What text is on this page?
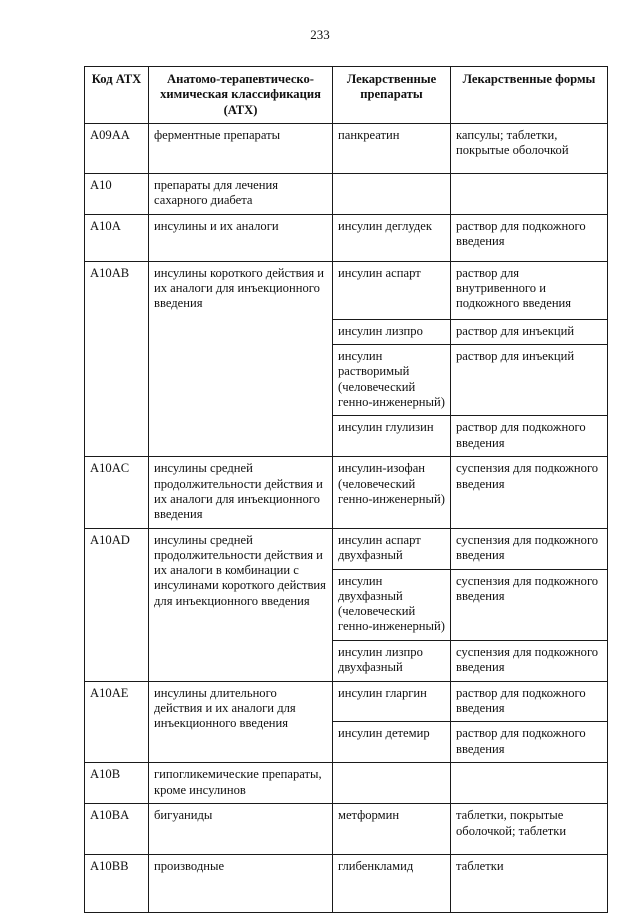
233
Код АТХ	Анатомо-терапевтическо-химическая классификация (АТХ)	Лекарственные препараты	Лекарственные формы
A09AA	ферментные препараты	панкреатин	капсулы; таблетки, покрытые оболочкой
A10	препараты для лечения сахарного диабета		
A10A	инсулины и их аналоги	инсулин деглудек	раствор для подкожного введения
A10AB	инсулины короткого действия и их аналоги для инъекционного введения	инсулин аспарт	раствор для внутривенного и подкожного введения
		инсулин лизпро	раствор для инъекций
		инсулин растворимый (человеческий генно-инженерный)	раствор для инъекций
		инсулин глулизин	раствор для подкожного введения
A10AC	инсулины средней продолжительности действия и их аналоги для инъекционного введения	инсулин-изофан (человеческий генно-инженерный)	суспензия для подкожного введения
A10AD	инсулины средней продолжительности действия и их аналоги в комбинации с инсулинами короткого действия для инъекционного введения	инсулин аспарт двухфазный	суспензия для подкожного введения
		инсулин двухфазный (человеческий генно-инженерный)	суспензия для подкожного введения
		инсулин лизпро двухфазный	суспензия для подкожного введения
A10AE	инсулины длительного действия и их аналоги для инъекционного введения	инсулин гларгин	раствор для подкожного введения
		инсулин детемир	раствор для подкожного введения
A10B	гипогликемические препараты, кроме инсулинов		
A10BA	бигуаниды	метформин	таблетки, покрытые оболочкой; таблетки
A10BB	производные	глибенкламид	таблетки
